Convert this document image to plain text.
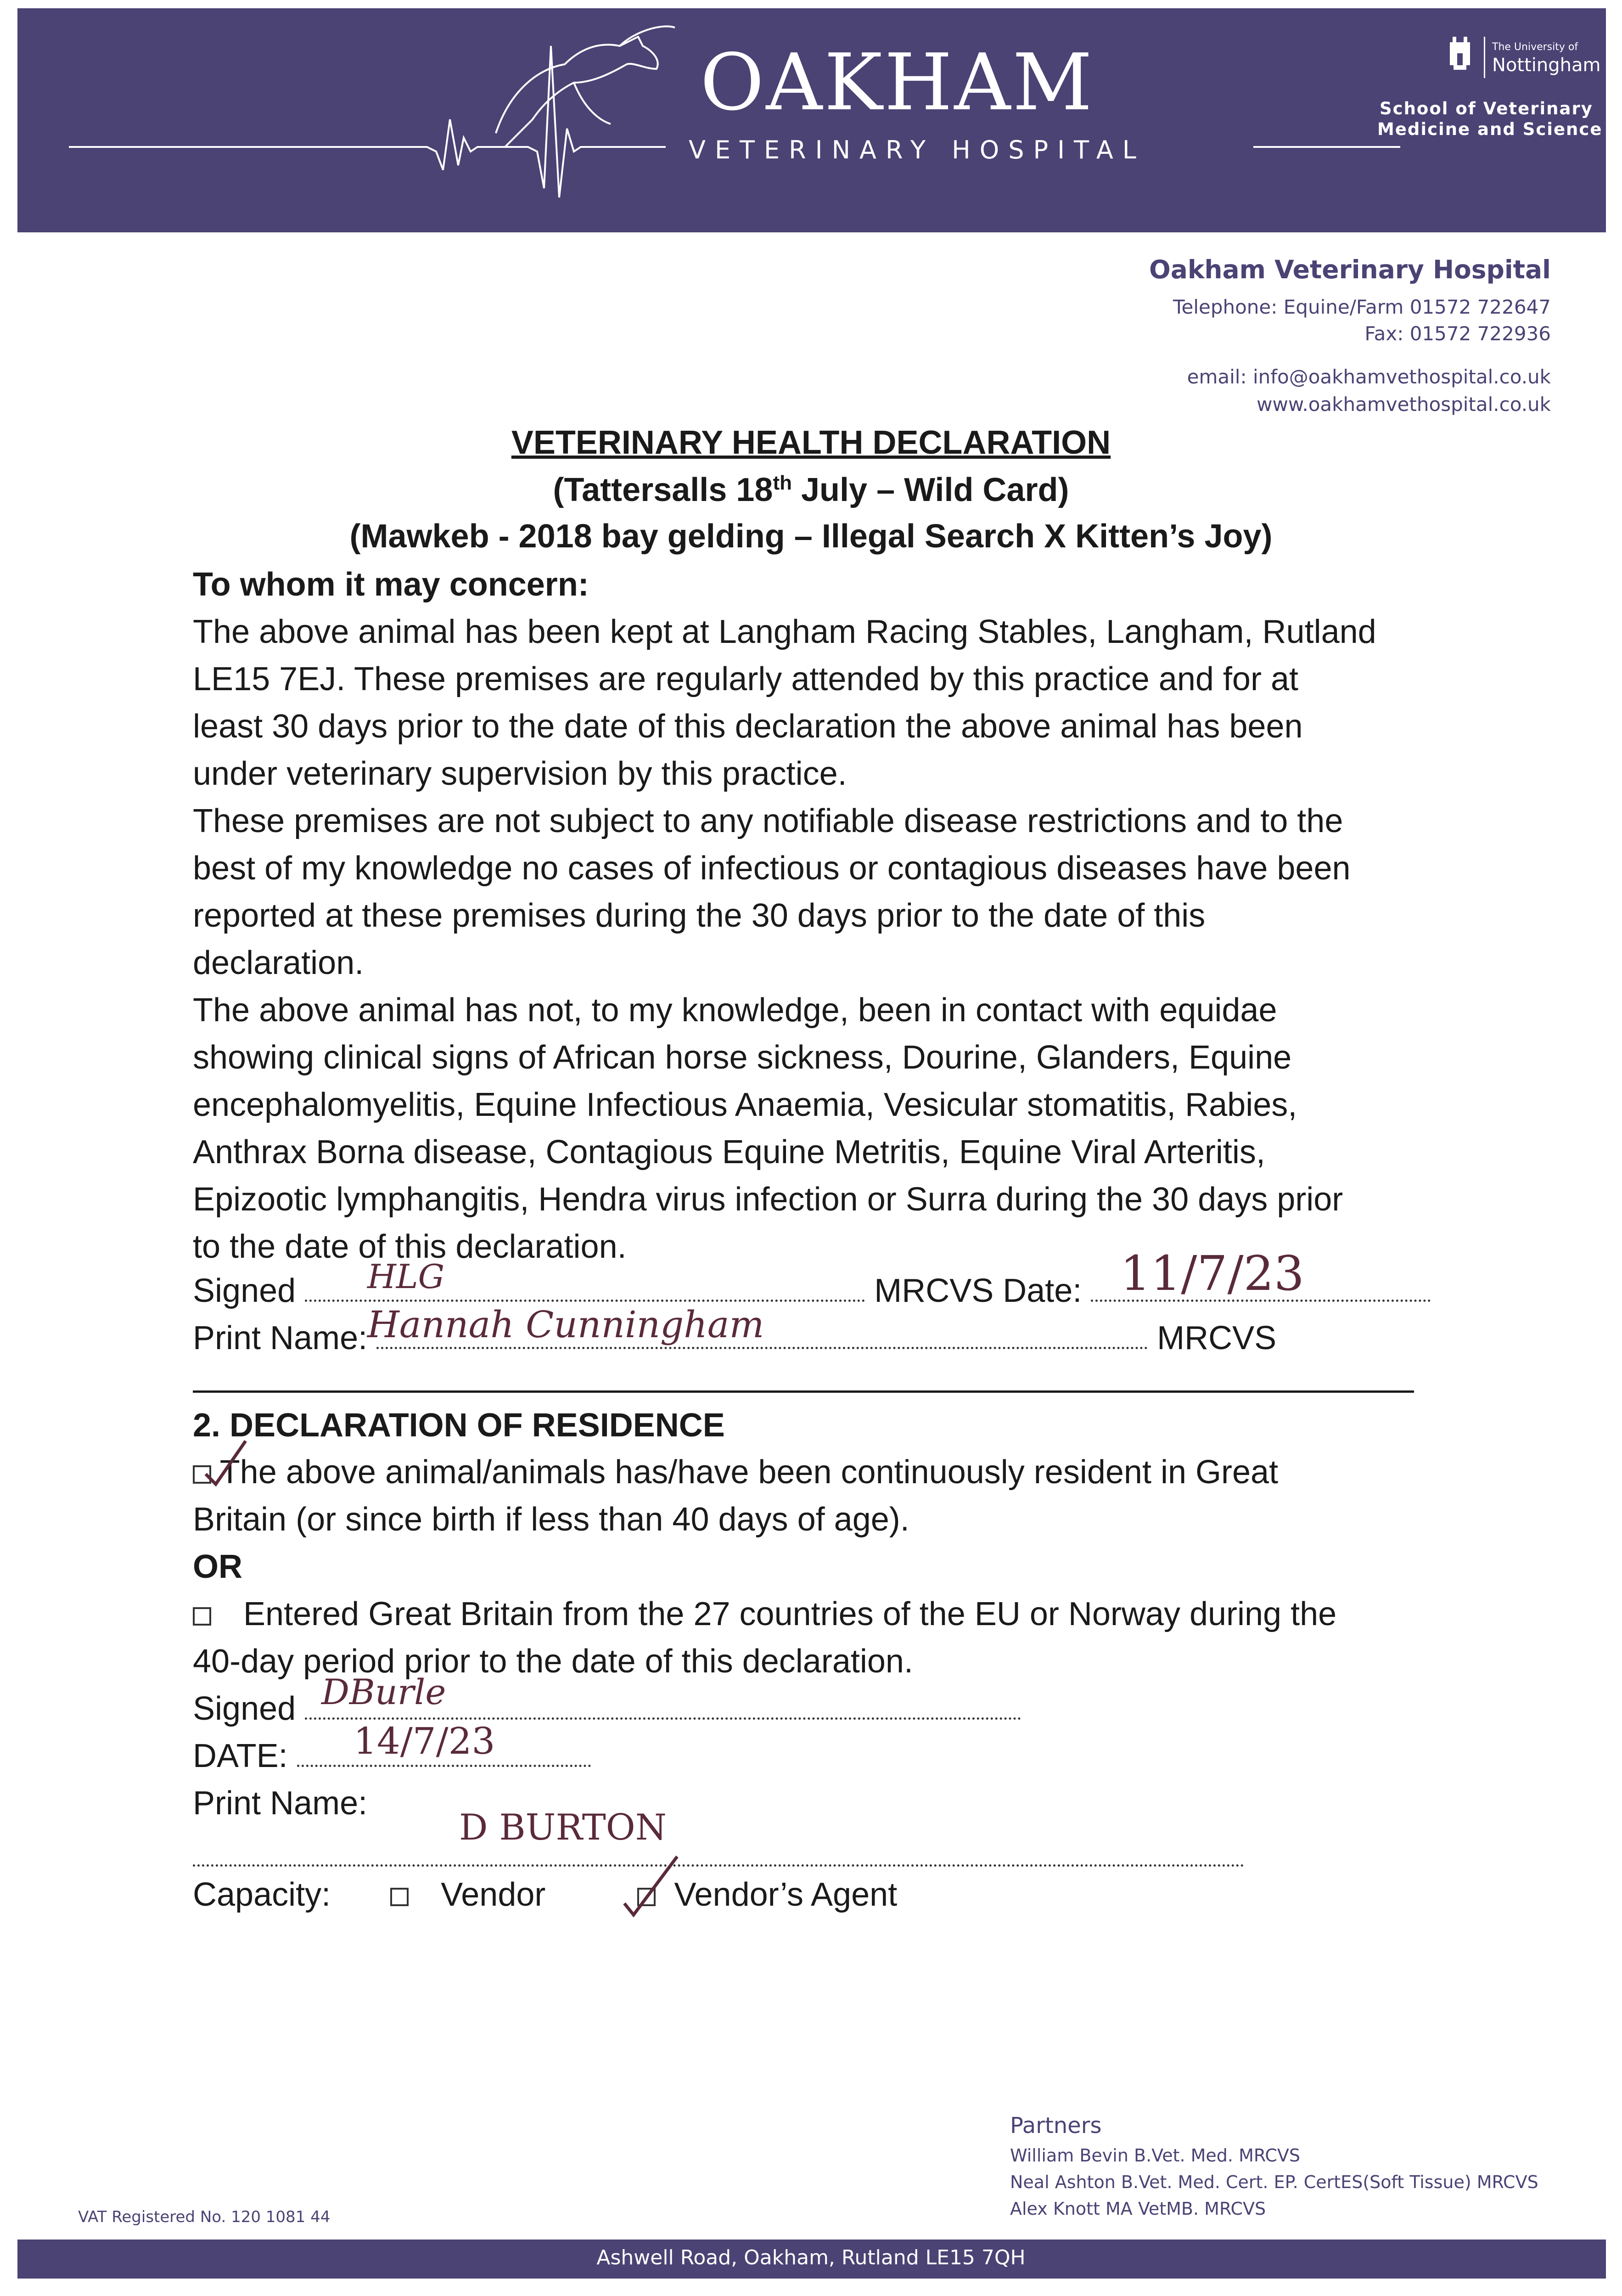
OAKHAM
VETERINARY HOSPITAL
The University of
Nottingham
School of Veterinary
Medicine and Science
Oakham Veterinary Hospital
Telephone: Equine/Farm 01572 722647
Fax: 01572 722936
email: info@oakhamvethospital.co.uk
www.oakhamvethospital.co.uk
VETERINARY HEALTH DECLARATION
(Tattersalls 18th July – Wild Card)
(Mawkeb - 2018 bay gelding – Illegal Search X Kitten’s Joy)
To whom it may concern:
The above animal has been kept at Langham Racing Stables, Langham, Rutland
LE15 7EJ. These premises are regularly attended by this practice and for at
least 30 days prior to the date of this declaration the above animal has been
under veterinary supervision by this practice.
These premises are not subject to any notifiable disease restrictions and to the
best of my knowledge no cases of infectious or contagious diseases have been
reported at these premises during the 30 days prior to the date of this
declaration.
The above animal has not, to my knowledge, been in contact with equidae
showing clinical signs of African horse sickness, Dourine, Glanders, Equine
encephalomyelitis, Equine Infectious Anaemia, Vesicular stomatitis, Rabies,
Anthrax Borna disease, Contagious Equine Metritis, Equine Viral Arteritis,
Epizootic lymphangitis, Hendra virus infection or Surra during the 30 days prior
to the date of this declaration.
Signed	MRCVS Date:
HLG	11/7/23
Print Name:	MRCVS
Hannah Cunningham
2. DECLARATION OF RESIDENCE
The above animal/animals has/have been continuously resident in Great
Britain (or since birth if less than 40 days of age).
OR
Entered Great Britain from the 27 countries of the EU or Norway during the
40-day period prior to the date of this declaration.
Signed DBurle
DATE:	14/7/23
Print Name:
D BURTON
Capacity:	Vendor	Vendor’s Agent
Partners
William Bevin B.Vet. Med. MRCVS
Neal Ashton B.Vet. Med. Cert. EP. CertES(Soft Tissue) MRCVS
Alex Knott MA VetMB. MRCVS
VAT Registered No. 120 1081 44
Ashwell Road, Oakham, Rutland LE15 7QH
